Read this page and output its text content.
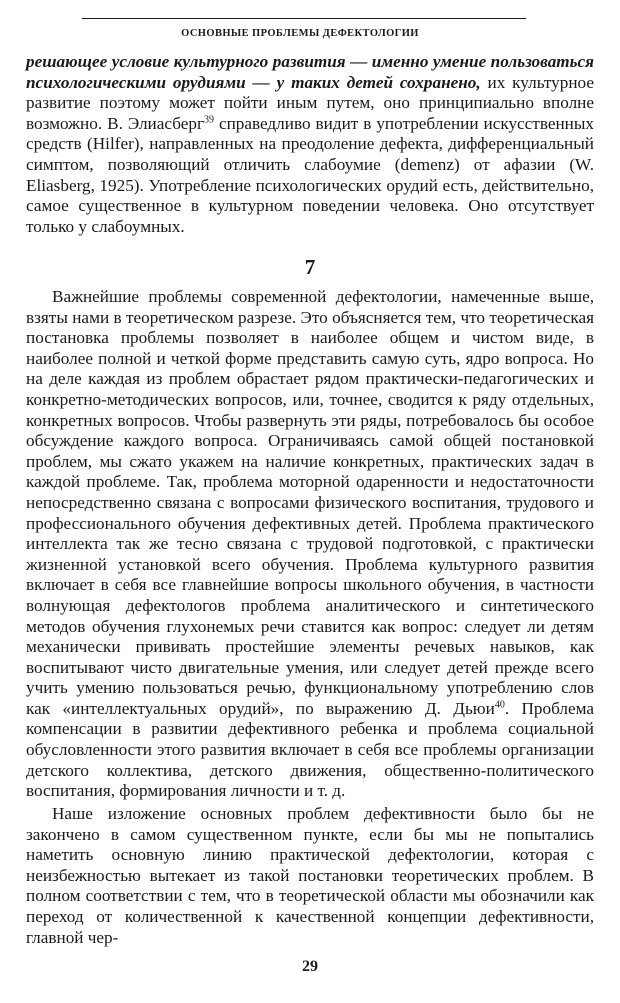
ОСНОВНЫЕ ПРОБЛЕМЫ ДЕФЕКТОЛОГИИ

решающее условие культурного развития — именно умение пользоваться психологическими орудиями — у таких детей сохранено, их культурное развитие поэтому может пойти иным путем, оно принципиально вполне возможно. В. Элиасберг$^{39}$ справедливо видит в употреблении искусственных средств (Hilfer), направленных на преодоление дефекта, дифференциальный симптом, позволяющий отличить слабоумие (demenz) от афазии (W. Eliasberg, 1925). Употребление психологических орудий есть, действительно, самое существенное в культурном поведении человека. Оно отсутствует только у слабоумных.

7

Важнейшие проблемы современной дефектологии, намеченные выше, взяты нами в теоретическом разрезе. Это объясняется тем, что теоретическая постановка проблемы позволяет в наиболее общем и чистом виде, в наиболее полной и четкой форме представить самую суть, ядро вопроса. Но на деле каждая из проблем обрастает рядом практически-педагогических и конкретно-методических вопросов, или, точнее, сводится к ряду отдельных, конкретных вопросов. Чтобы развернуть эти ряды, потребовалось бы особое обсуждение каждого вопроса. Ограничиваясь самой общей постановкой проблем, мы сжато укажем на наличие конкретных, практических задач в каждой проблеме. Так, проблема моторной одаренности и недостаточности непосредственно связана с вопросами физического воспитания, трудового и профессионального обучения дефективных детей. Проблема практического интеллекта так же тесно связана с трудовой подготовкой, с практически жизненной установкой всего обучения. Проблема культурного развития включает в себя все главнейшие вопросы школьного обучения, в частности волнующая дефектологов проблема аналитического и синтетического методов обучения глухонемых речи ставится как вопрос: следует ли детям механически прививать простейшие элементы речевых навыков, как воспитывают чисто двигательные умения, или следует детей прежде всего учить умению пользоваться речью, функциональному употреблению слов как «интеллектуальных орудий», по выражению Д. Дьюи$^{40}$. Проблема компенсации в развитии дефективного ребенка и проблема социальной обусловленности этого развития включает в себя все проблемы организации детского коллектива, детского движения, общественно-политического воспитания, формирования личности и т. д.

Наше изложение основных проблем дефективности было бы не закончено в самом существенном пункте, если бы мы не попытались наметить основную линию практической дефектологии, которая с неизбежностью вытекает из такой постановки теоретических проблем. В полном соответствии с тем, что в теоретической области мы обозначили как переход от количественной к качественной концепции дефективности, главной чер-

29
